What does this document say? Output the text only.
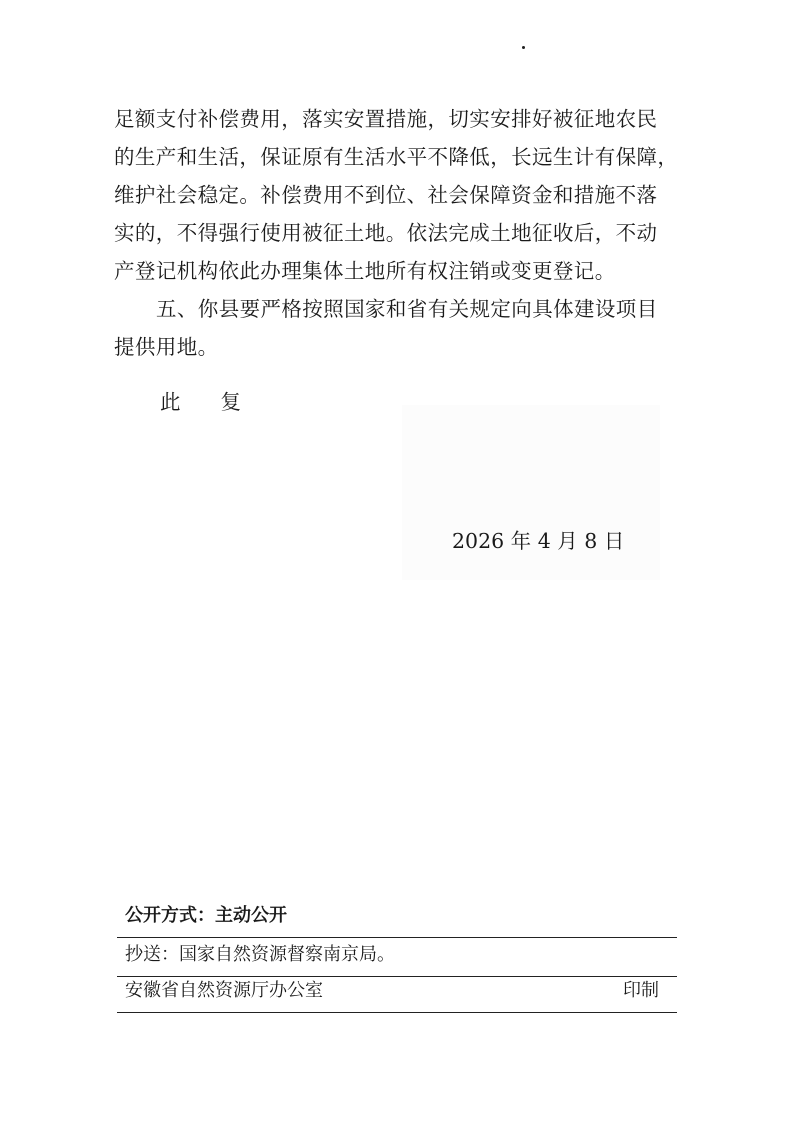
足额支付补偿费用，落实安置措施，切实安排好被征地农民
的生产和生活，保证原有生活水平不降低，长远生计有保障，
维护社会稳定。补偿费用不到位、社会保障资金和措施不落
实的，不得强行使用被征土地。依法完成土地征收后，不动
产登记机构依此办理集体土地所有权注销或变更登记。
五、你县要严格按照国家和省有关规定向具体建设项目
提供用地。
此 复
2026 年 4 月 8 日
公开方式：主动公开
抄送：国家自然资源督察南京局。
安徽省自然资源厅办公室	印制
